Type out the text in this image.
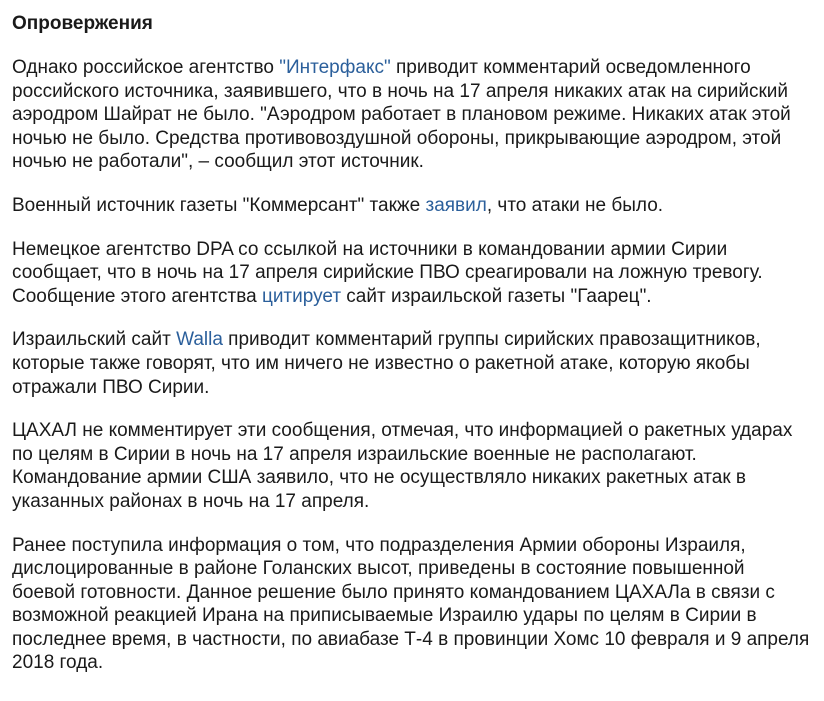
Опровержения

Однако российское агентство "Интерфакс" приводит комментарий осведомленного российского источника, заявившего, что в ночь на 17 апреля никаких атак на сирийский аэродром Шайрат не было. "Аэродром работает в плановом режиме. Никаких атак этой ночью не было. Средства противовоздушной обороны, прикрывающие аэродром, этой ночью не работали", – сообщил этот источник.

Военный источник газеты "Коммерсант" также заявил, что атаки не было.

Немецкое агентство DPA со ссылкой на источники в командовании армии Сирии сообщает, что в ночь на 17 апреля сирийские ПВО среагировали на ложную тревогу. Сообщение этого агентства цитирует сайт израильской газеты "Гаарец".

Израильский сайт Walla приводит комментарий группы сирийских правозащитников, которые также говорят, что им ничего не известно о ракетной атаке, которую якобы отражали ПВО Сирии.

ЦАХАЛ не комментирует эти сообщения, отмечая, что информацией о ракетных ударах по целям в Сирии в ночь на 17 апреля израильские военные не располагают. Командование армии США заявило, что не осуществляло никаких ракетных атак в указанных районах в ночь на 17 апреля.

Ранее поступила информация о том, что подразделения Армии обороны Израиля, дислоцированные в районе Голанских высот, приведены в состояние повышенной боевой готовности. Данное решение было принято командованием ЦАХАЛа в связи с возможной реакцией Ирана на приписываемые Израилю удары по целям в Сирии в последнее время, в частности, по авиабазе Т-4 в провинции Хомс 10 февраля и 9 апреля 2018 года.
